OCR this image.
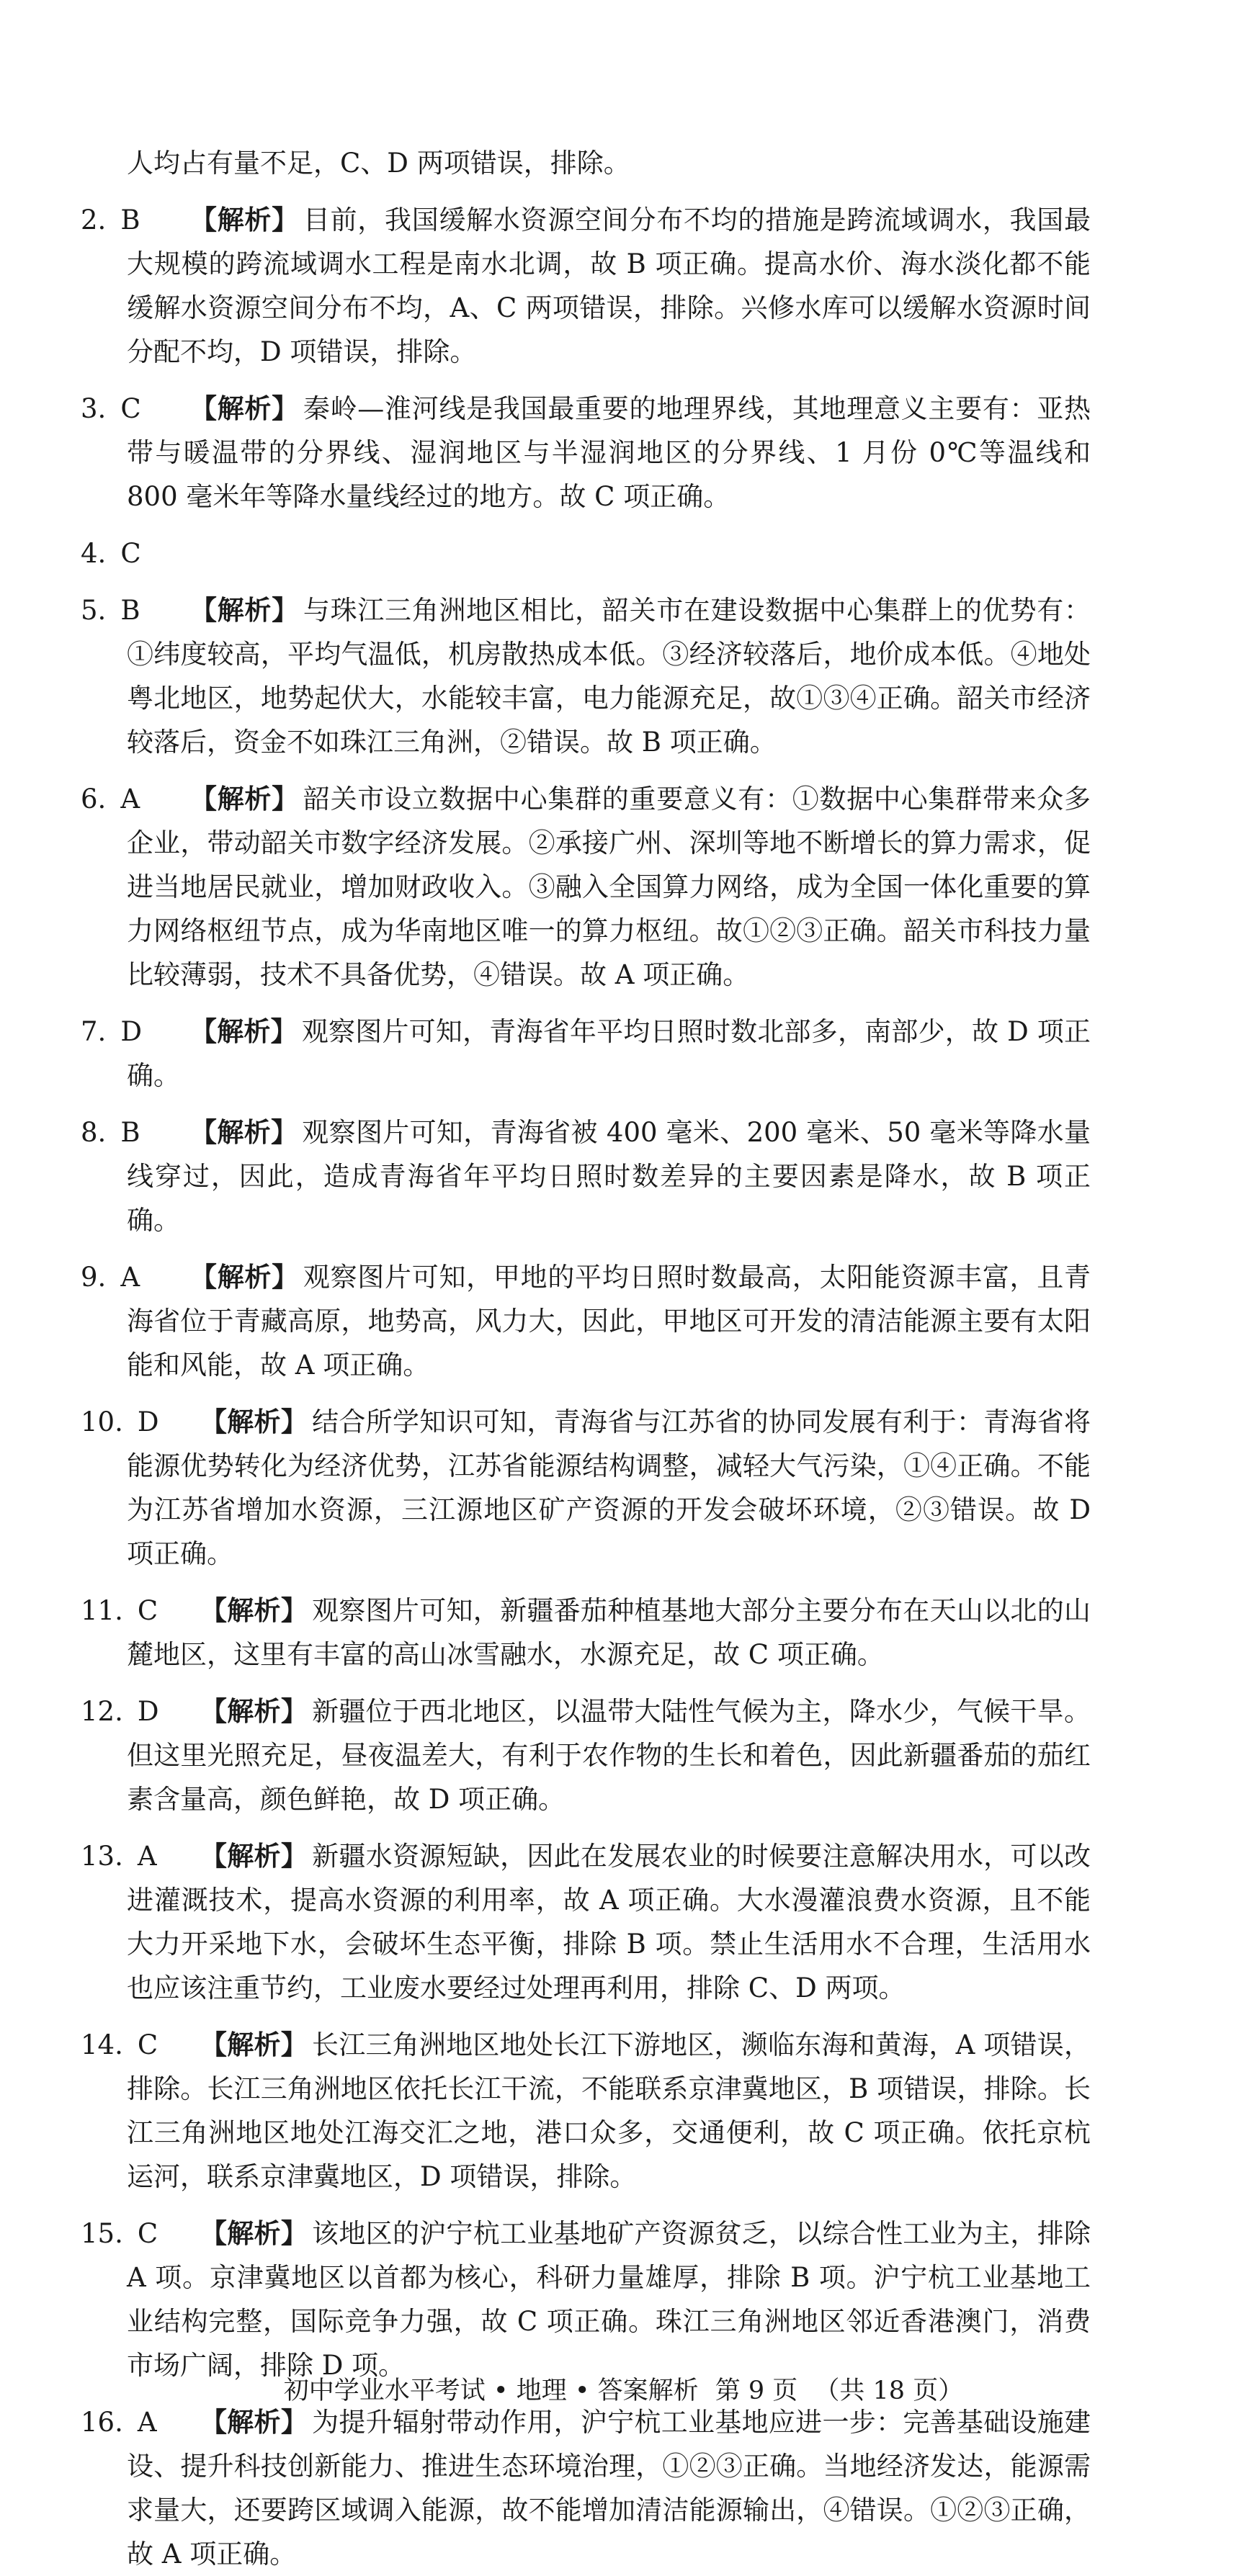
人均占有量不足，C、D 两项错误，排除。
2. B	【解析】 目前，我国缓解水资源空间分布不均的措施是跨流域调水，我国最大规模的跨流域调水工程是南水北调，故 B 项正确。提高水价、海水淡化都不能缓解水资源空间分布不均，A、C 两项错误，排除。兴修水库可以缓解水资源时间分配不均，D 项错误，排除。
3. C	【解析】 秦岭—淮河线是我国最重要的地理界线，其地理意义主要有：亚热带与暖温带的分界线、湿润地区与半湿润地区的分界线、1 月份 0℃等温线和 800 毫米年等降水量线经过的地方。故 C 项正确。
4. C

5. B	【解析】 与珠江三角洲地区相比，韶关市在建设数据中心集群上的优势有：①纬度较高，平均气温低，机房散热成本低。③经济较落后，地价成本低。④地处粤北地区，地势起伏大，水能较丰富，电力能源充足，故①③④正确。韶关市经济较落后，资金不如珠江三角洲，②错误。故 B 项正确。
6. A	【解析】 韶关市设立数据中心集群的重要意义有：①数据中心集群带来众多企业，带动韶关市数字经济发展。②承接广州、深圳等地不断增长的算力需求，促进当地居民就业，增加财政收入。③融入全国算力网络，成为全国一体化重要的算力网络枢纽节点，成为华南地区唯一的算力枢纽。故①②③正确。韶关市科技力量比较薄弱，技术不具备优势，④错误。故 A 项正确。
7. D	【解析】 观察图片可知，青海省年平均日照时数北部多，南部少，故 D 项正确。
8. B	【解析】 观察图片可知，青海省被 400 毫米、200 毫米、50 毫米等降水量线穿过，因此，造成青海省年平均日照时数差异的主要因素是降水，故 B 项正确。
9. A	【解析】 观察图片可知，甲地的平均日照时数最高，太阳能资源丰富，且青海省位于青藏高原，地势高，风力大，因此，甲地区可开发的清洁能源主要有太阳能和风能，故 A 项正确。
10. D	【解析】 结合所学知识可知，青海省与江苏省的协同发展有利于：青海省将能源优势转化为经济优势，江苏省能源结构调整，减轻大气污染，①④正确。不能为江苏省增加水资源，三江源地区矿产资源的开发会破坏环境，②③错误。故 D 项正确。
11. C	【解析】 观察图片可知，新疆番茄种植基地大部分主要分布在天山以北的山麓地区，这里有丰富的高山冰雪融水，水源充足，故 C 项正确。
12. D	【解析】 新疆位于西北地区，以温带大陆性气候为主，降水少，气候干旱。但这里光照充足，昼夜温差大，有利于农作物的生长和着色，因此新疆番茄的茄红素含量高，颜色鲜艳，故 D 项正确。
13. A	【解析】 新疆水资源短缺，因此在发展农业的时候要注意解决用水，可以改进灌溉技术，提高水资源的利用率，故 A 项正确。大水漫灌浪费水资源，且不能大力开采地下水，会破坏生态平衡，排除 B 项。禁止生活用水不合理，生活用水也应该注重节约，工业废水要经过处理再利用，排除 C、D 两项。
14. C	【解析】 长江三角洲地区地处长江下游地区，濒临东海和黄海，A 项错误，排除。长江三角洲地区依托长江干流，不能联系京津冀地区，B 项错误，排除。长江三角洲地区地处江海交汇之地，港口众多，交通便利，故 C 项正确。依托京杭运河，联系京津冀地区，D 项错误，排除。
15. C	【解析】 该地区的沪宁杭工业基地矿产资源贫乏，以综合性工业为主，排除 A 项。京津冀地区以首都为核心，科研力量雄厚，排除 B 项。沪宁杭工业基地工业结构完整，国际竞争力强，故 C 项正确。珠江三角洲地区邻近香港澳门，消费市场广阔，排除 D 项。
16. A	【解析】 为提升辐射带动作用，沪宁杭工业基地应进一步：完善基础设施建设、提升科技创新能力、推进生态环境治理，①②③正确。当地经济发达，能源需求量大，还要跨区域调入能源，故不能增加清洁能源输出，④错误。①②③正确，故 A 项正确。
初中学业水平考试 • 地理 • 答案解析 第 9 页 （共 18 页）
